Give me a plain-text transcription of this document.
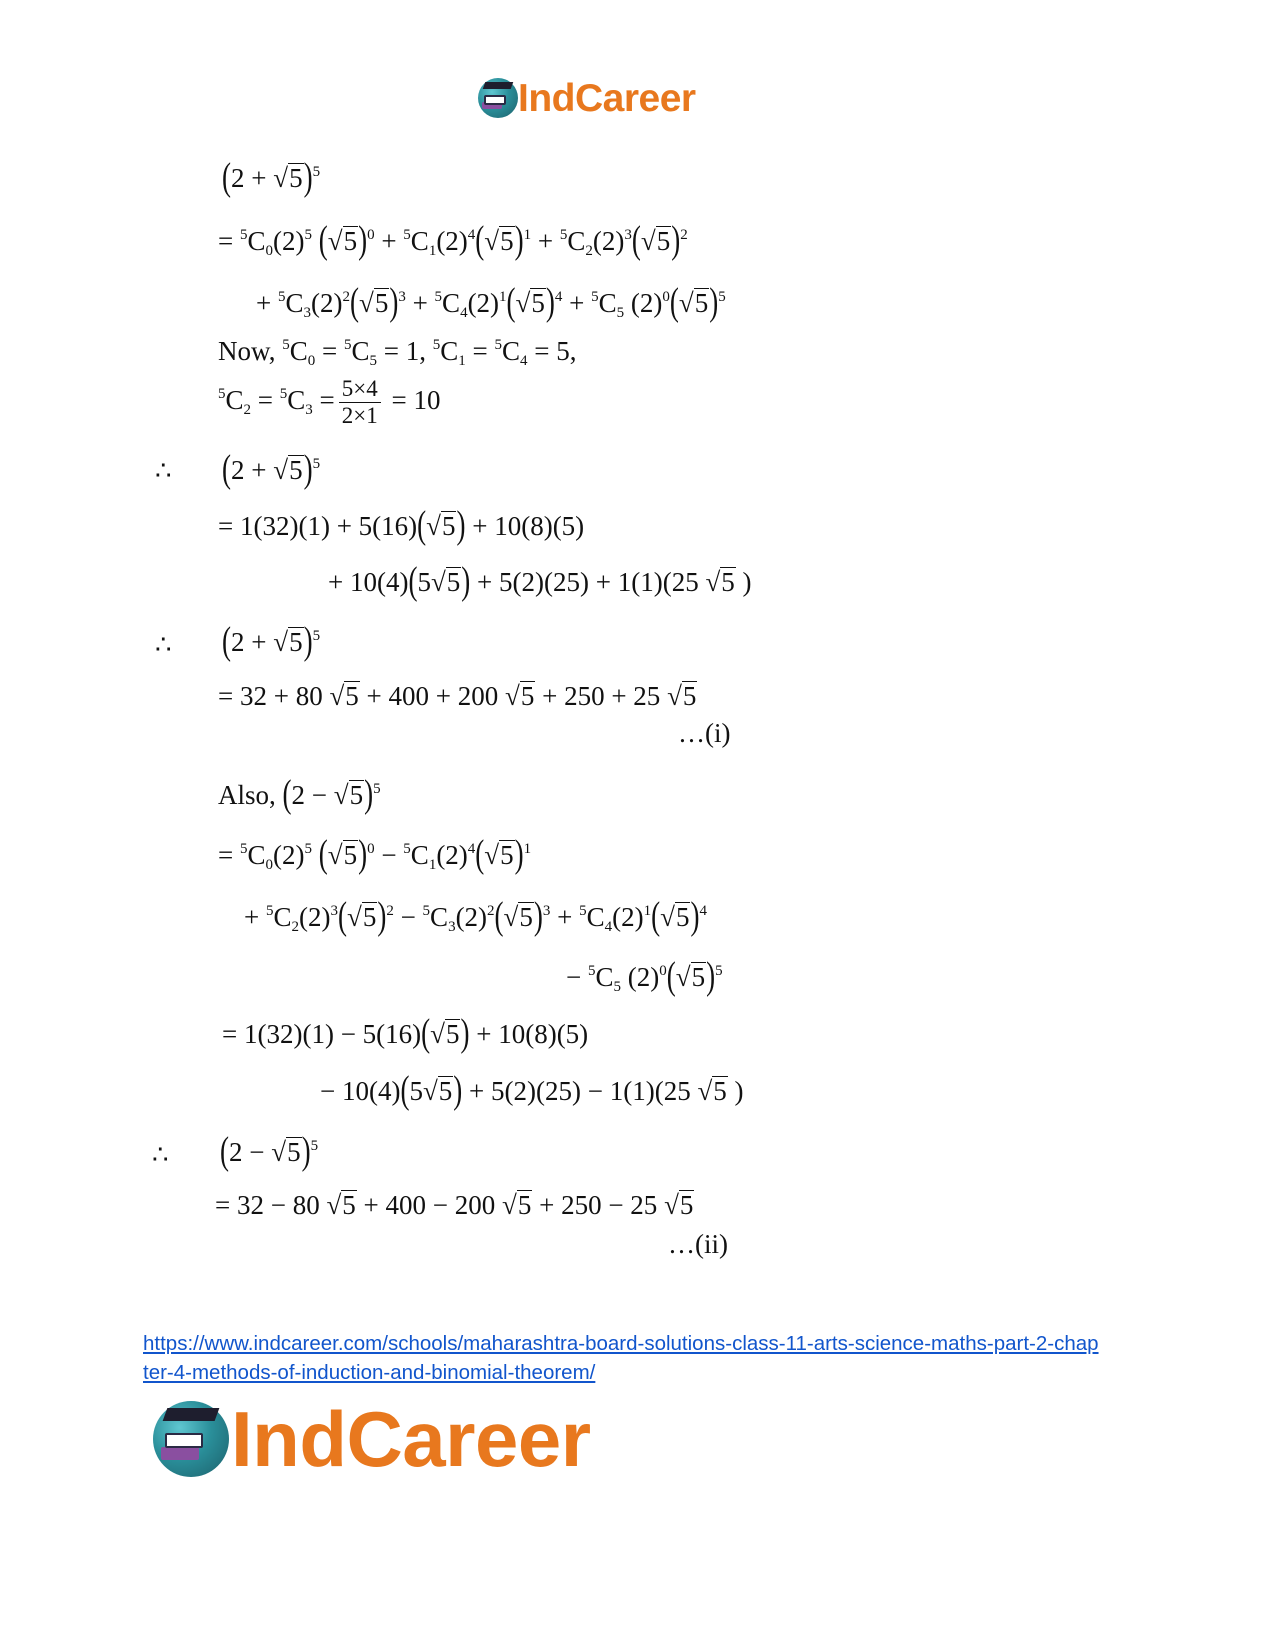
IndCareer
$(2 + √5)^5$
= $^5C_0(2)^5$ $(√5)^0 + ^5C_1(2)^4(√5)^1 + ^5C_2(2)^3(√5)^2$
+ $^5C_3(2)^2(√5)^3 + ^5C_4(2)^1(√5)^4 + ^5C_5$ $(2)^0(√5)^5$
Now, $^5C_0 = ^5C_5 = 1$, $^5C_1 = ^5C_4 = 5$,
$^5C_2 = ^5C_3 = \frac{5\times 4}{2\times 1} = 10$
∴ $(2 + √5)^5$
= 1(32)(1) + 5(16)(√5) + 10(8)(5)
+ 10(4)(5√5) + 5(2)(25) + 1(1)(25 √5 )
∴ $(2 + √5)^5$
= 32 + 80 √5 + 400 + 200 √5 + 250 + 25 √5
…(i)
Also, $(2 - √5)^5$
= $^5C_0(2)^5$ $(√5)^0 - ^5C_1(2)^4(√5)^1$
+ $^5C_2(2)^3(√5)^2 - ^5C_3(2)^2(√5)^3 + ^5C_4(2)^1(√5)^4$
− $^5C_5$ $(2)^0(√5)^5$
= 1(32)(1) − 5(16)(√5) + 10(8)(5)
− 10(4)(5√5) + 5(2)(25) − 1(1)(25 √5 )
∴ $(2 - √5)^5$
= 32 − 80 √5 + 400 − 200 √5 + 250 − 25 √5
…(ii)
https://www.indcareer.com/schools/maharashtra-board-solutions-class-11-arts-science-maths-part-2-chapter-4-methods-of-induction-and-binomial-theorem/
IndCareer
